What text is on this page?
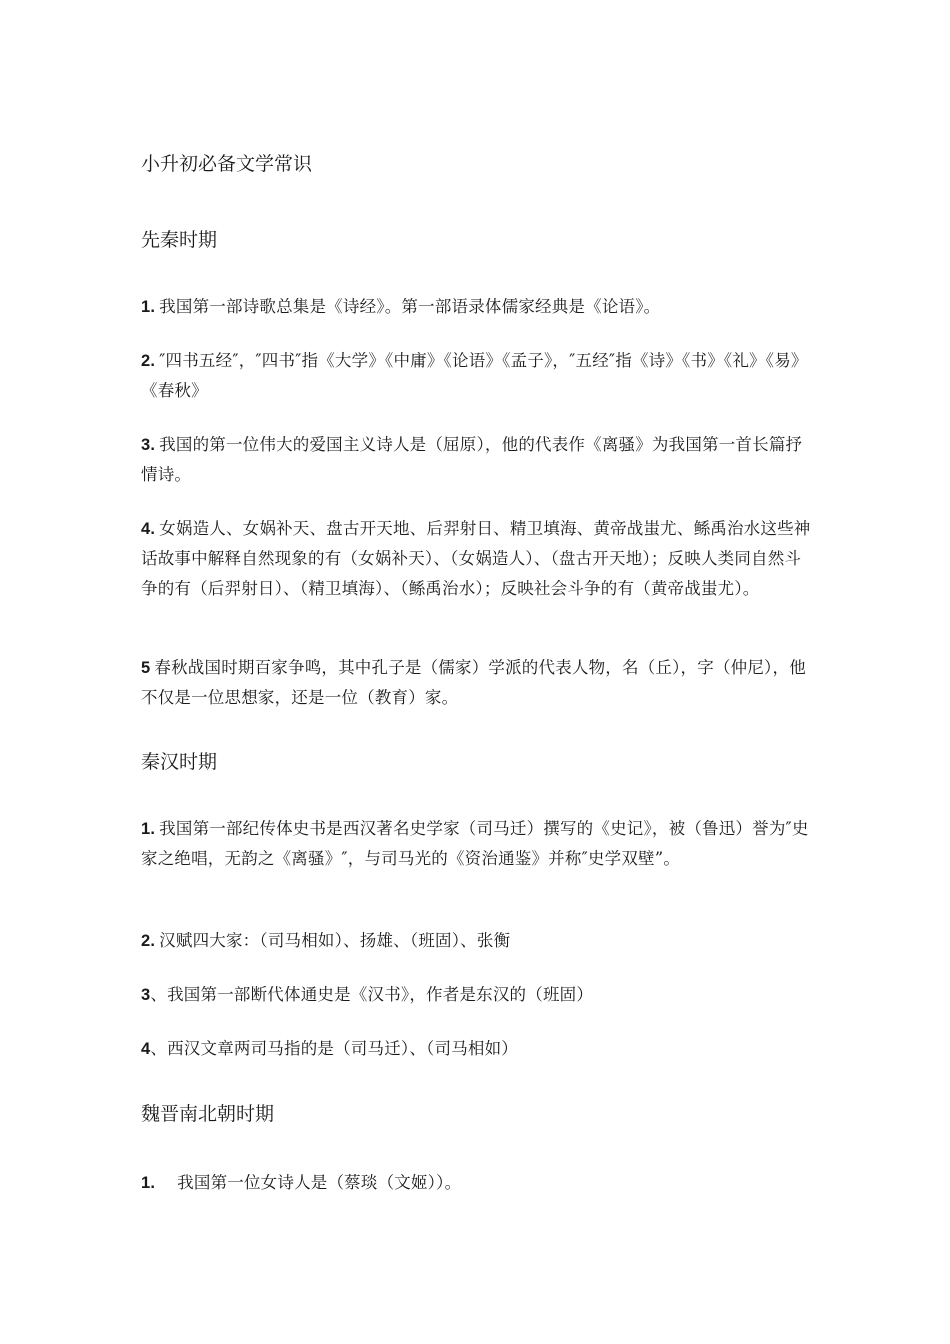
小升初必备文学常识
先秦时期

1. 我国第一部诗歌总集是《诗经》。第一部语录体儒家经典是《论语》。

2. ″四书五经″，″四书″指《大学》《中庸》《论语》《孟子》，″五经″指《诗》《书》《礼》《易》《春秋》

3. 我国的第一位伟大的爱国主义诗人是（屈原），他的代表作《离骚》为我国第一首长篇抒情诗。

4. 女娲造人、女娲补天、盘古开天地、后羿射日、精卫填海、黄帝战蚩尤、鲧禹治水这些神话故事中解释自然现象的有（女娲补天）、（女娲造人）、（盘古开天地）；反映人类同自然斗争的有（后羿射日）、（精卫填海）、（鲧禹治水）；反映社会斗争的有（黄帝战蚩尤）。

5 春秋战国时期百家争鸣，其中孔子是（儒家）学派的代表人物，名（丘），字（仲尼），他不仅是一位思想家，还是一位（教育）家。

秦汉时期

1. 我国第一部纪传体史书是西汉著名史学家（司马迁）撰写的《史记》，被（鲁迅）誉为″史家之绝唱，无韵之《离骚》″，与司马光的《资治通鉴》并称″史学双壁”。

2. 汉赋四大家：（司马相如）、扬雄、（班固）、张衡

3、我国第一部断代体通史是《汉书》，作者是东汉的（班固）

4、西汉文章两司马指的是（司马迁）、（司马相如）

魏晋南北朝时期

1. 我国第一位女诗人是（蔡琰（文姬））。
